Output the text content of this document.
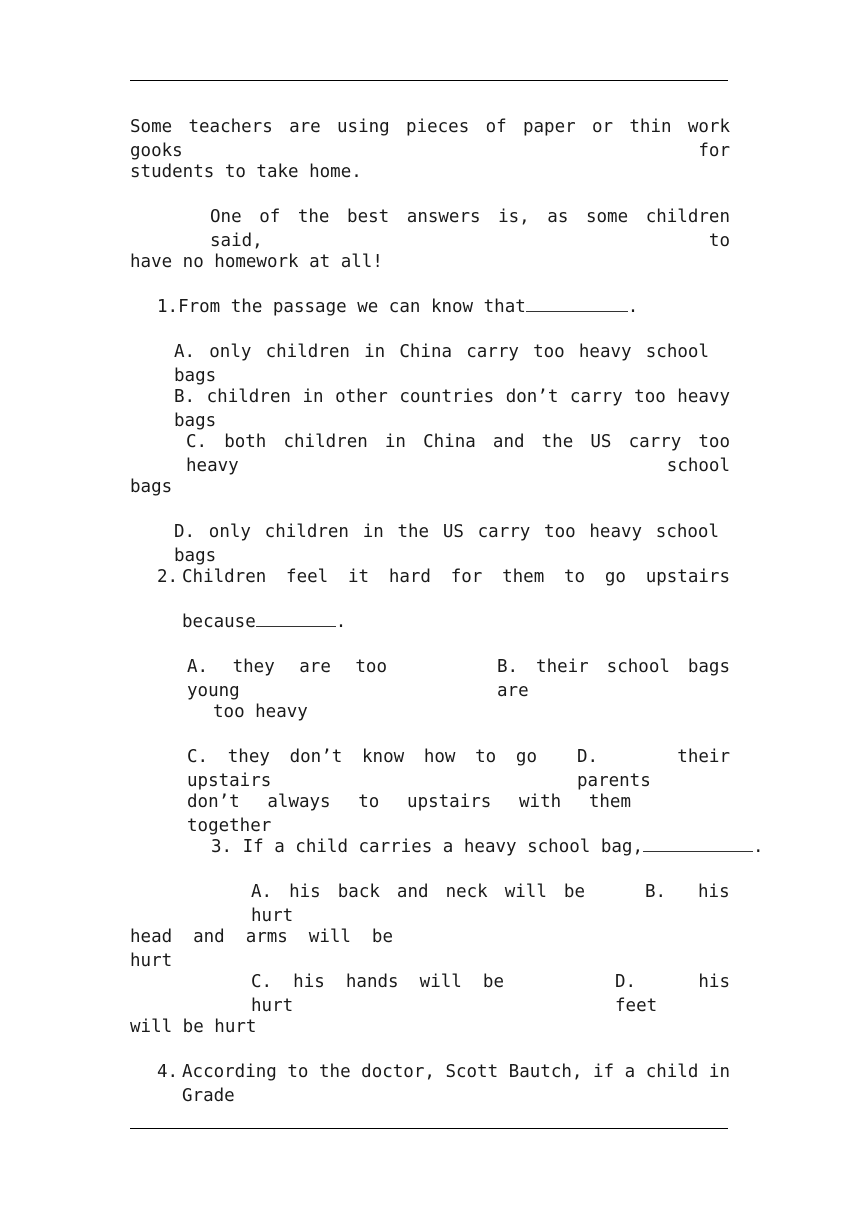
Some teachers are using pieces of paper or thin work gooks for
students to take home.
One of the best answers is, as some children said, to
have no homework at all!
1.From the passage we can know that	.
A. only children in China carry too heavy school bags
B. children in other countries don’t carry too heavy bags
C. both children in China and the US carry too heavy school
bags
D. only children in the US carry too heavy school bags
2. Children feel it hard for them to go upstairs
because	.
A. they are too young
B. their school bags are
too heavy
C. they don’t know how to go upstairs
D. their parents
don’t always to upstairs with them together
3. If a child carries a heavy school bag,	.
A. his back and neck will be hurt
B. his
head and arms will be hurt
C. his hands will be hurt
D. his feet
will be hurt
4. According to the doctor, Scott Bautch, if a child in Grade
